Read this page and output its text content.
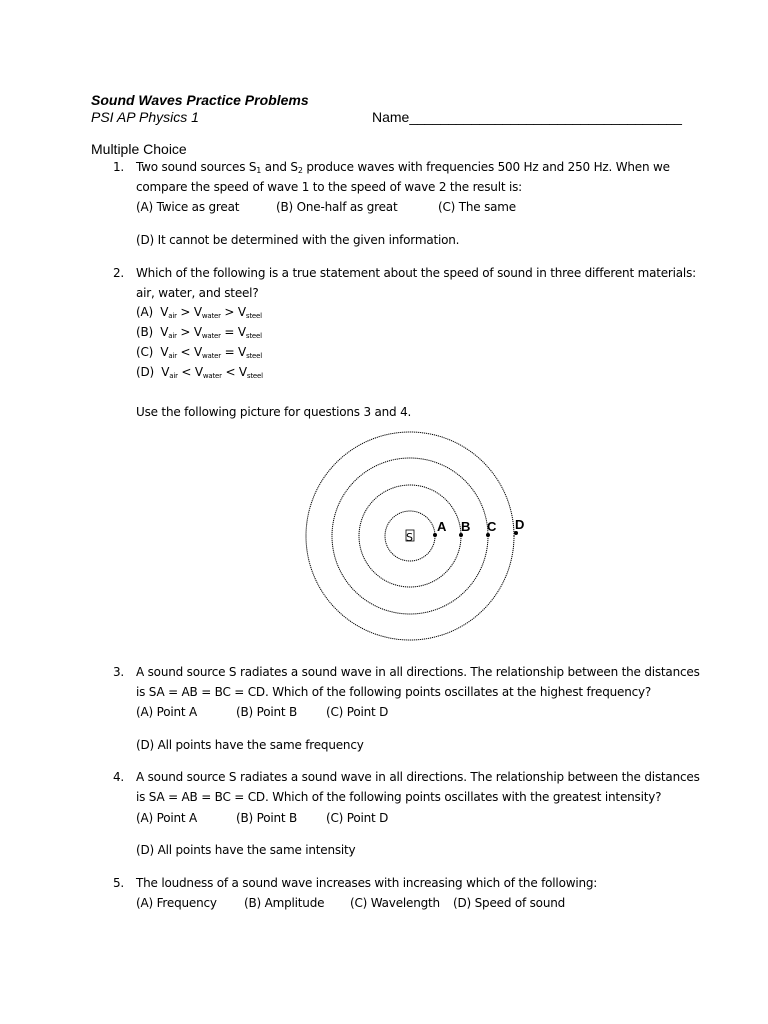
Sound Waves Practice Problems
PSI AP Physics 1	Name___________________________________
Multiple Choice
1. Two sound sources $S_1$ and $S_2$ produce waves with frequencies 500 Hz and 250 Hz. When we
compare the speed of wave 1 to the speed of wave 2 the result is:
(A) Twice as great	(B) One-half as great	(C) The same
(D) It cannot be determined with the given information.
2. Which of the following is a true statement about the speed of sound in three different materials:
air, water, and steel?
(A) $V_{air} > V_{water} > V_{steel}$
(B) $V_{air} > V_{water} = V_{steel}$
(C) $V_{air} < V_{water} = V_{steel}$
(D) $V_{air} < V_{water} < V_{steel}$
Use the following picture for questions 3 and 4.
S
A B C D
3. A sound source S radiates a sound wave in all directions. The relationship between the distances
is SA = AB = BC = CD. Which of the following points oscillates at the highest frequency?
(A) Point A	(B) Point B (C) Point D
(D) All points have the same frequency
4. A sound source S radiates a sound wave in all directions. The relationship between the distances
is SA = AB = BC = CD. Which of the following points oscillates with the greatest intensity?
(A) Point A	(B) Point B (C) Point D
(D) All points have the same intensity
5. The loudness of a sound wave increases with increasing which of the following:
(A) Frequency (B) Amplitude (C) Wavelength (D) Speed of sound
